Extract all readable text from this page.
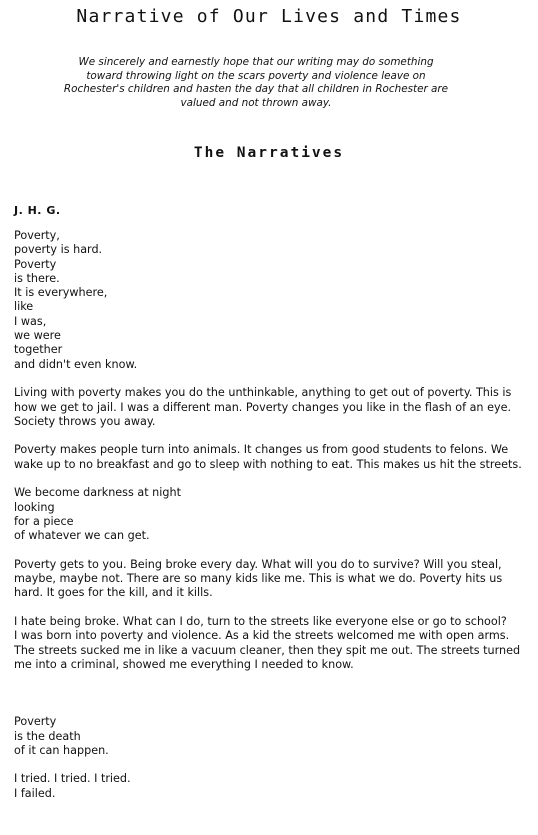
Narrative of Our Lives and Times

We sincerely and earnestly hope that our writing may do something toward throwing light on the scars poverty and violence leave on Rochester's children and hasten the day that all children in Rochester are valued and not thrown away.

The Narratives

J. H. G.

Poverty,
poverty is hard.
Poverty
is there.
It is everywhere,
like
I was,
we were
together
and didn't even know.

Living with poverty makes you do the unthinkable, anything to get out of poverty. This is how we get to jail. I was a different man. Poverty changes you like in the flash of an eye. Society throws you away.

Poverty makes people turn into animals. It changes us from good students to felons. We wake up to no breakfast and go to sleep with nothing to eat. This makes us hit the streets.

We become darkness at night
looking
for a piece
of whatever we can get.

Poverty gets to you. Being broke every day. What will you do to survive? Will you steal, maybe, maybe not. There are so many kids like me. This is what we do. Poverty hits us hard. It goes for the kill, and it kills.

I hate being broke. What can I do, turn to the streets like everyone else or go to school?
I was born into poverty and violence. As a kid the streets welcomed me with open arms. The streets sucked me in like a vacuum cleaner, then they spit me out. The streets turned me into a criminal, showed me everything I needed to know.

Poverty
is the death
of it can happen.

I tried. I tried. I tried.
I failed.
